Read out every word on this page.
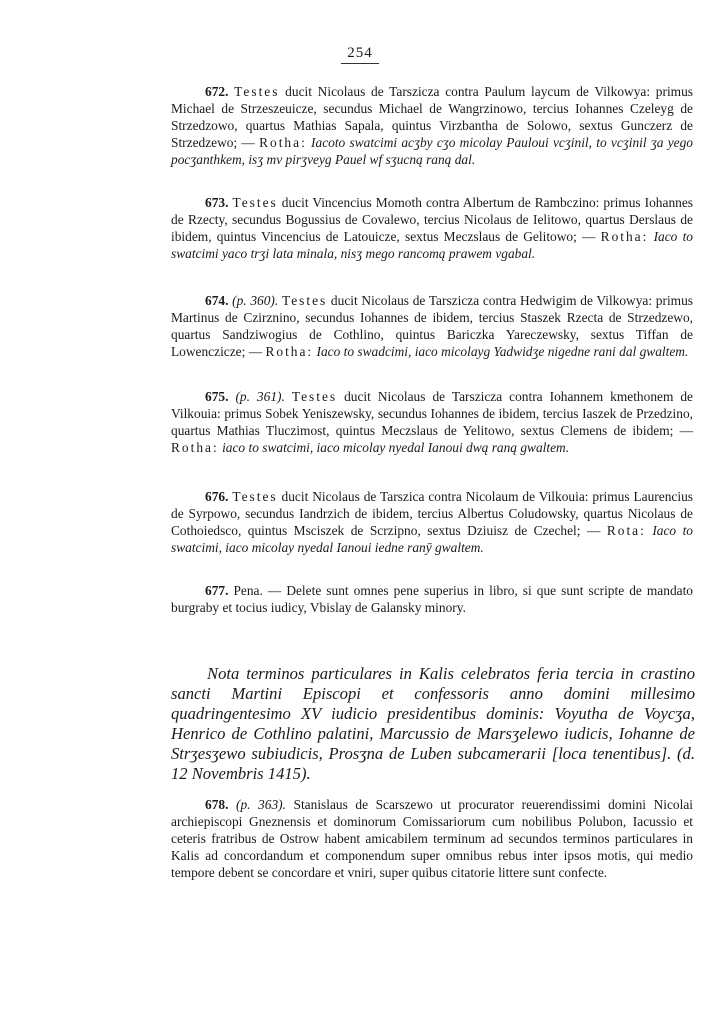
254
672. Testes ducit Nicolaus de Tarszicza contra Paulum laycum de Vilkowya: primus Michael de Strzeszeuicze, secundus Michael de Wangrzinowo, tercius Iohannes Czeleyg de Strzedzowo, quartus Mathias Sapala, quintus Virzbantha de Solowo, sextus Gunczerz de Strzedzewo; — Rotha: Iacoto swatcimi acʒby cʒo micolay Pauloui vcʒinil, to vcʒinil ʒa yego pocʒanthkem, isʒ mv pirʒveyg Pauel wf sʒucną raną dal.
673. Testes ducit Vincencius Momoth contra Albertum de Rambczino: primus Iohannes de Rzecty, secundus Bogussius de Covalewo, tercius Nicolaus de Ielitowo, quartus Derslaus de ibidem, quintus Vincencius de Latouicze, sextus Meczslaus de Gelitowo; — Rotha: Iaco to swatcimi yaco trʒi lata minala, nisʒ mego rancomą prawem vgabal.
674. (p. 360). Testes ducit Nicolaus de Tarszicza contra Hedwigim de Vilkowya: primus Martinus de Czirznino, secundus Iohannes de ibidem, tercius Staszek Rzecta de Strzedzewo, quartus Sandziwogius de Cothlino, quintus Bariczka Yareczewsky, sextus Tiffan de Lowenczicze; — Rotha: Iaco to swadcimi, iaco micolayg Yadwidʒe nigedne rani dal gwaltem.
675. (p. 361). Testes ducit Nicolaus de Tarszicza contra Iohannem kmethonem de Vilkouia: primus Sobek Yeniszewsky, secundus Iohannes de ibidem, tercius Iaszek de Przedzino, quartus Mathias Tluczimost, quintus Meczslaus de Yelitowo, sextus Clemens de ibidem; — Rotha: iaco to swatcimi, iaco micolay nyedal Ianoui dwą raną gwaltem.
676. Testes ducit Nicolaus de Tarszica contra Nicolaum de Vilkouia: primus Laurencius de Syrpowo, secundus Iandrzich de ibidem, tercius Albertus Coludowsky, quartus Nicolaus de Cothoiedsco, quintus Msciszek de Scrzipno, sextus Dziuisz de Czechel; — Rota: Iaco to swatcimi, iaco micolay nyedal Ianoui iedne ranȳ gwaltem.
677. Pena. — Delete sunt omnes pene superius in libro, si que sunt scripte de mandato burgraby et tocius iudicy, Vbislay de Galansky minory.
Nota terminos particulares in Kalis celebratos feria tercia in crastino sancti Martini Episcopi et confessoris anno domini millesimo quadringentesimo XV iudicio presidentibus dominis: Voyutha de Voycʒa, Henrico de Cothlino palatini, Marcussio de Marsʒelewo iudicis, Iohanne de Strʒesʒewo subiudicis, Prosʒna de Luben subcamerarii [loca tenentibus]. (d. 12 Novembris 1415).
678. (p. 363). Stanislaus de Scarszewo ut procurator reuerendissimi domini Nicolai archiepiscopi Gneznensis et dominorum Comissariorum cum nobilibus Polubon, Iacussio et ceteris fratribus de Ostrow habent amicabilem terminum ad secundos terminos particulares in Kalis ad concordandum et componendum super omnibus rebus inter ipsos motis, qui medio tempore debent se concordare et vniri, super quibus citatorie littere sunt confecte.
